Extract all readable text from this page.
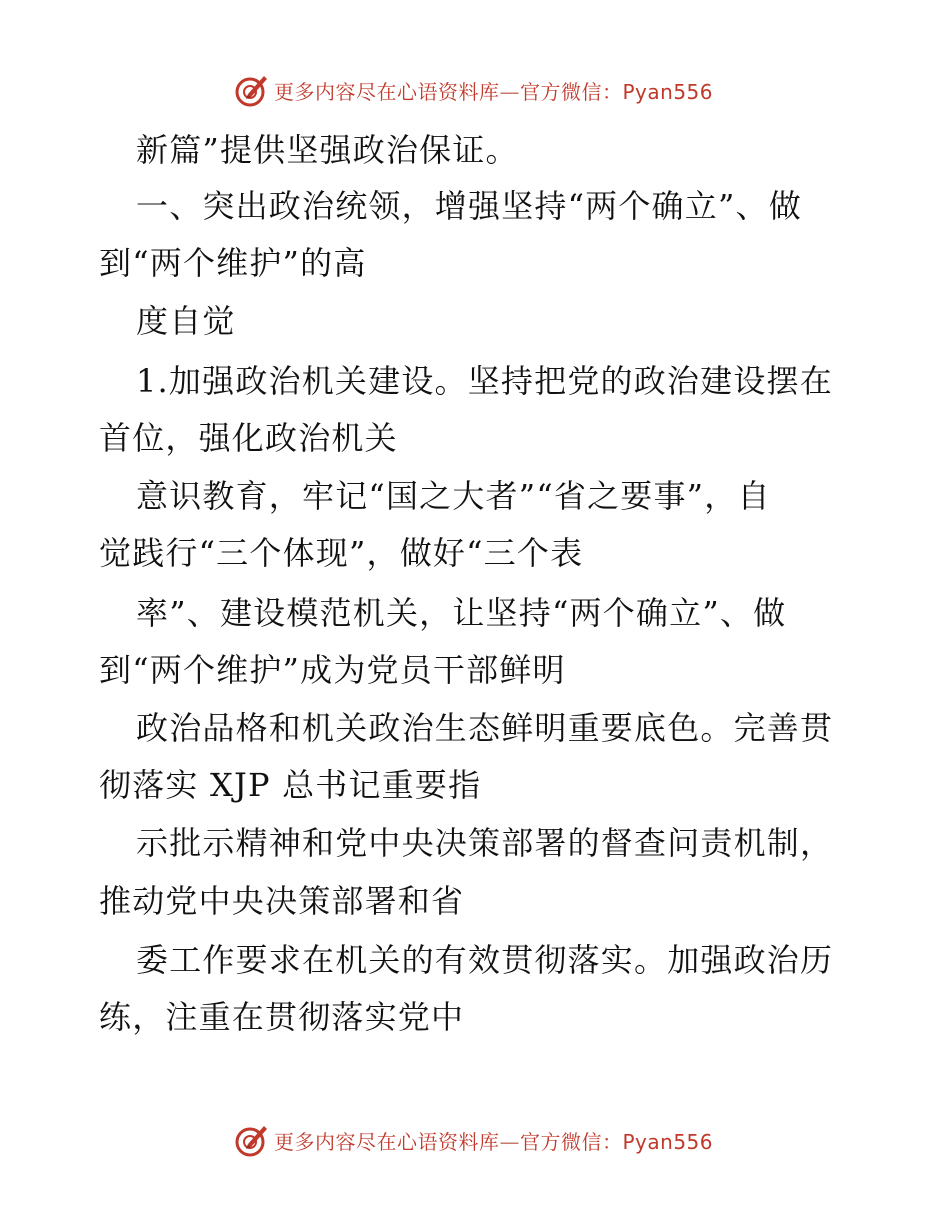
更多内容尽在心语资料库—官方微信：Pyan556
新篇”提供坚强政治保证。
一、突出政治统领，增强坚持“两个确立”、做
到“两个维护”的高
度自觉
1.加强政治机关建设。坚持把党的政治建设摆在
首位，强化政治机关
意识教育，牢记“国之大者”“省之要事”，自
觉践行“三个体现”，做好“三个表
率”、建设模范机关，让坚持“两个确立”、做
到“两个维护”成为党员干部鲜明
政治品格和机关政治生态鲜明重要底色。完善贯
彻落实 XJP 总书记重要指
示批示精神和党中央决策部署的督查问责机制，
推动党中央决策部署和省
委工作要求在机关的有效贯彻落实。加强政治历
练，注重在贯彻落实党中
更多内容尽在心语资料库—官方微信：Pyan556
